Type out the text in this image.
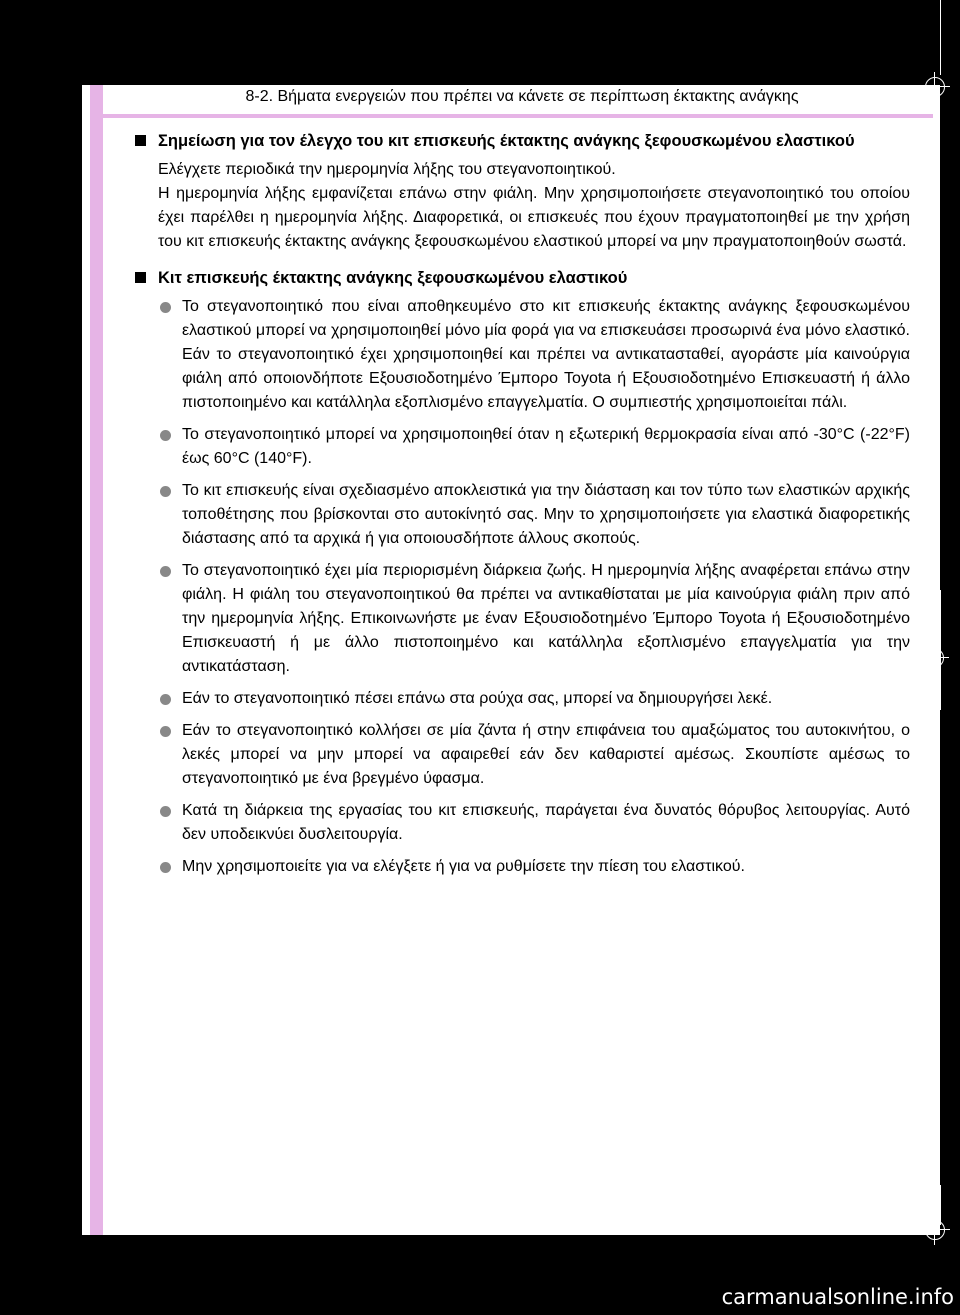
8-2. Βήματα ενεργειών που πρέπει να κάνετε σε περίπτωση έκτακτης ανάγκης
Σημείωση για τον έλεγχο του κιτ επισκευής έκτακτης ανάγκης ξεφουσκωμένου ελαστικού
Ελέγχετε περιοδικά την ημερομηνία λήξης του στεγανοποιητικού.
Η ημερομηνία λήξης εμφανίζεται επάνω στην φιάλη. Μην χρησιμοποιήσετε στεγανοποιητικό του οποίου έχει παρέλθει η ημερομηνία λήξης. Διαφορετικά, οι επισκευές που έχουν πραγματοποιηθεί με την χρήση του κιτ επισκευής έκτακτης ανάγκης ξεφουσκωμένου ελαστικού μπορεί να μην πραγματοποιηθούν σωστά.
Κιτ επισκευής έκτακτης ανάγκης ξεφουσκωμένου ελαστικού
Το στεγανοποιητικό που είναι αποθηκευμένο στο κιτ επισκευής έκτακτης ανάγκης ξεφουσκωμένου ελαστικού μπορεί να χρησιμοποιηθεί μόνο μία φορά για να επισκευάσει προσωρινά ένα μόνο ελαστικό. Εάν το στεγανοποιητικό έχει χρησιμοποιηθεί και πρέπει να αντικατασταθεί, αγοράστε μία καινούργια φιάλη από οποιονδήποτε Εξουσιοδοτημένο Έμπορο Toyota ή Εξουσιοδοτημένο Επισκευαστή ή άλλο πιστοποιημένο και κατάλληλα εξοπλισμένο επαγγελματία. Ο συμπιεστής χρησιμοποιείται πάλι.
Το στεγανοποιητικό μπορεί να χρησιμοποιηθεί όταν η εξωτερική θερμοκρασία είναι από -30°C (-22°F) έως 60°C (140°F).
Το κιτ επισκευής είναι σχεδιασμένο αποκλειστικά για την διάσταση και τον τύπο των ελαστικών αρχικής τοποθέτησης που βρίσκονται στο αυτοκίνητό σας. Μην το χρησιμοποιήσετε για ελαστικά διαφορετικής διάστασης από τα αρχικά ή για οποιουσδήποτε άλλους σκοπούς.
Το στεγανοποιητικό έχει μία περιορισμένη διάρκεια ζωής. Η ημερομηνία λήξης αναφέρεται επάνω στην φιάλη. Η φιάλη του στεγανοποιητικού θα πρέπει να αντικαθίσταται με μία καινούργια φιάλη πριν από την ημερομηνία λήξης. Επικοινωνήστε με έναν Εξουσιοδοτημένο Έμπορο Toyota ή Εξουσιοδοτημένο Επισκευαστή ή με άλλο πιστοποιημένο και κατάλληλα εξοπλισμένο επαγγελματία για την αντικατάσταση.
Εάν το στεγανοποιητικό πέσει επάνω στα ρούχα σας, μπορεί να δημιουργήσει λεκέ.
Εάν το στεγανοποιητικό κολλήσει σε μία ζάντα ή στην επιφάνεια του αμαξώματος του αυτοκινήτου, ο λεκές μπορεί να μην μπορεί να αφαιρεθεί εάν δεν καθαριστεί αμέσως. Σκουπίστε αμέσως το στεγανοποιητικό με ένα βρεγμένο ύφασμα.
Κατά τη διάρκεια της εργασίας του κιτ επισκευής, παράγεται ένα δυνατός θόρυβος λειτουργίας. Αυτό δεν υποδεικνύει δυσλειτουργία.
Μην χρησιμοποιείτε για να ελέγξετε ή για να ρυθμίσετε την πίεση του ελαστικού.
carmanualsonline.info
